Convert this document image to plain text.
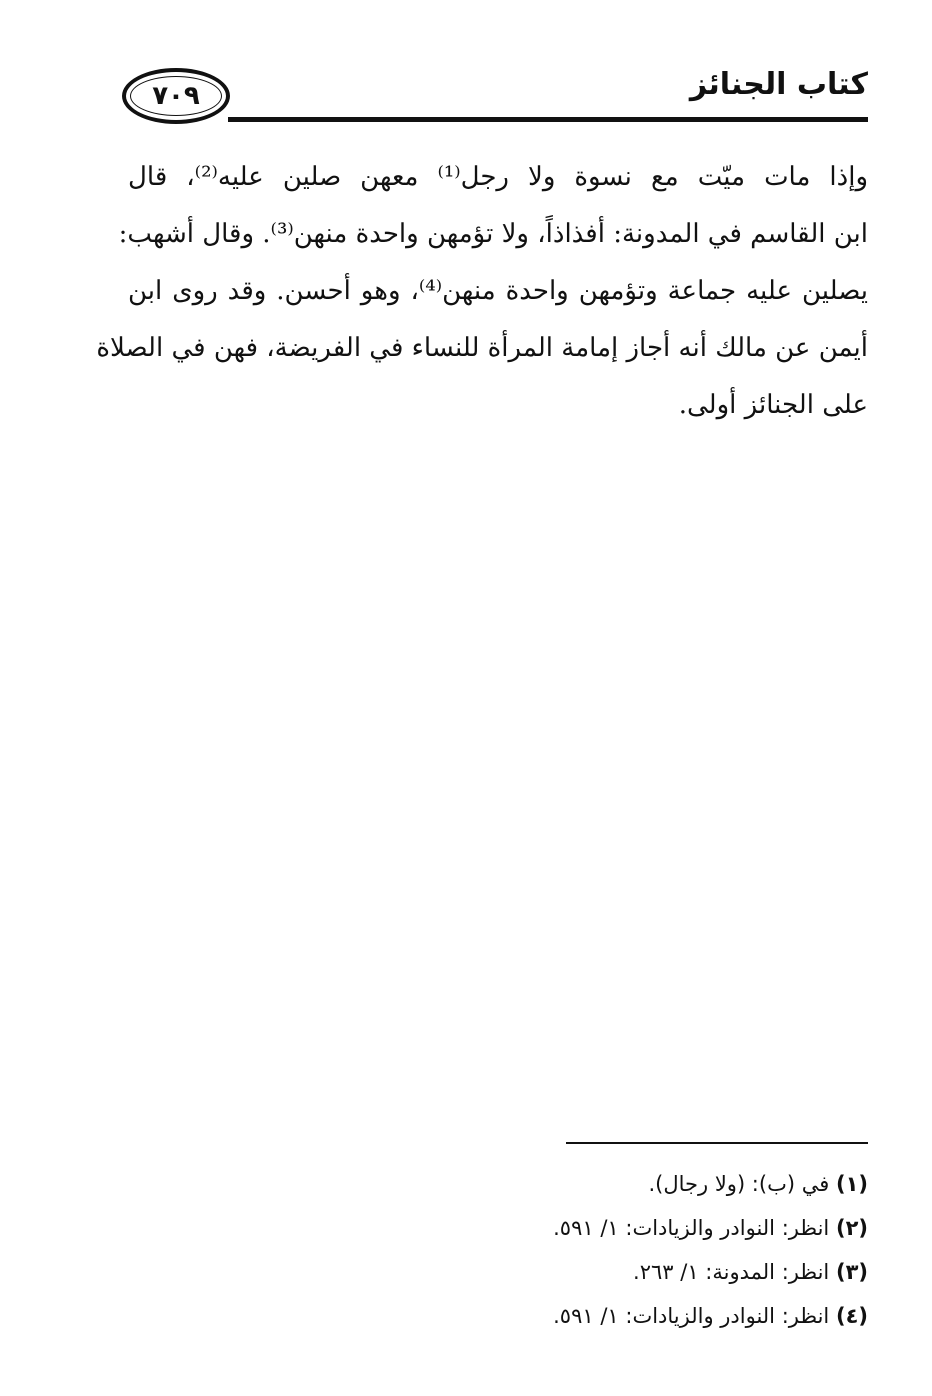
كتاب الجنائز
٧٠٩
وإذا مات ميّت مع نسوة ولا رجل⁽¹⁾ معهن صلين عليه⁽²⁾، قال
ابن القاسم في المدونة: أفذاذاً، ولا تؤمهن واحدة منهن⁽³⁾. وقال أشهب:
يصلين عليه جماعة وتؤمهن واحدة منهن⁽⁴⁾، وهو أحسن. وقد روى ابن
أيمن عن مالك أنه أجاز إمامة المرأة للنساء في الفريضة، فهن في الصلاة
على الجنائز أولى.
(١) في (ب): (ولا رجال).
(٢) انظر: النوادر والزيادات: ١/ ٥٩١.
(٣) انظر: المدونة: ١/ ٢٦٣.
(٤) انظر: النوادر والزيادات: ١/ ٥٩١.
